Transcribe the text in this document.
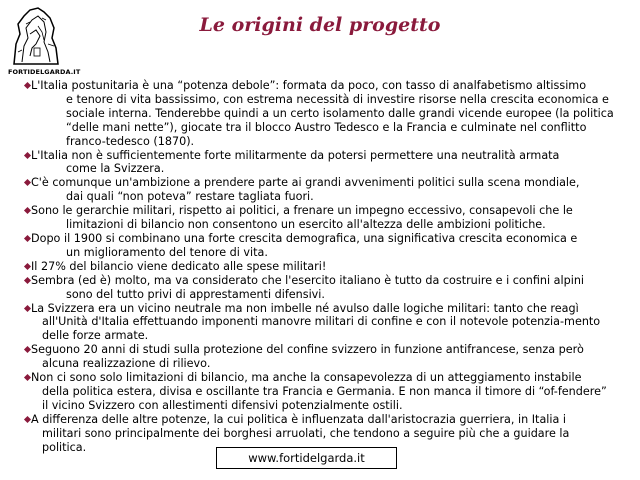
FORTIDELGARDA.IT
Le origini del progetto
L'Italia postunitaria è una “potenza debole”: formata da poco, con tasso di analfabetismo altissimo
e tenore di vita bassissimo, con estrema necessità di investire risorse nella crescita economica e sociale interna. Tenderebbe quindi a un certo isolamento dalle grandi vicende europee (la politica “delle mani nette”), giocate tra il blocco Austro Tedesco e la Francia e culminate nel conflitto franco-tedesco (1870).
L'Italia non è sufficientemente forte militarmente da potersi permettere una neutralità armata
come la Svizzera.
C'è comunque un'ambizione a prendere parte ai grandi avvenimenti politici sulla scena mondiale,
dai quali “non poteva” restare tagliata fuori.
Sono le gerarchie militari, rispetto ai politici, a frenare un impegno eccessivo, consapevoli che le
limitazioni di bilancio non consentono un esercito all'altezza delle ambizioni politiche.
Dopo il 1900 si combinano una forte crescita demografica, una significativa crescita economica e
un miglioramento del tenore di vita.
Il 27% del bilancio viene dedicato alle spese militari!
Sembra (ed è) molto, ma va considerato che l'esercito italiano è tutto da costruire e i confini alpini
sono del tutto privi di apprestamenti difensivi.
La Svizzera era un vicino neutrale ma non imbelle né avulso dalle logiche militari: tanto che reagì
all'Unità d'Italia effettuando imponenti manovre militari di confine e con il notevole potenzia-mento delle forze armate.
Seguono 20 anni di studi sulla protezione del confine svizzero in funzione antifrancese, senza però
alcuna realizzazione di rilievo.
Non ci sono solo limitazioni di bilancio, ma anche la consapevolezza di un atteggiamento instabile
della politica estera, divisa e oscillante tra Francia e Germania. E non manca il timore di “of-fendere” il vicino Svizzero con allestimenti difensivi potenzialmente ostili.
A differenza delle altre potenze, la cui politica è influenzata dall'aristocrazia guerriera, in Italia i
militari sono principalmente dei borghesi arruolati, che tendono a seguire più che a guidare la politica.
www.fortidelgarda.it
